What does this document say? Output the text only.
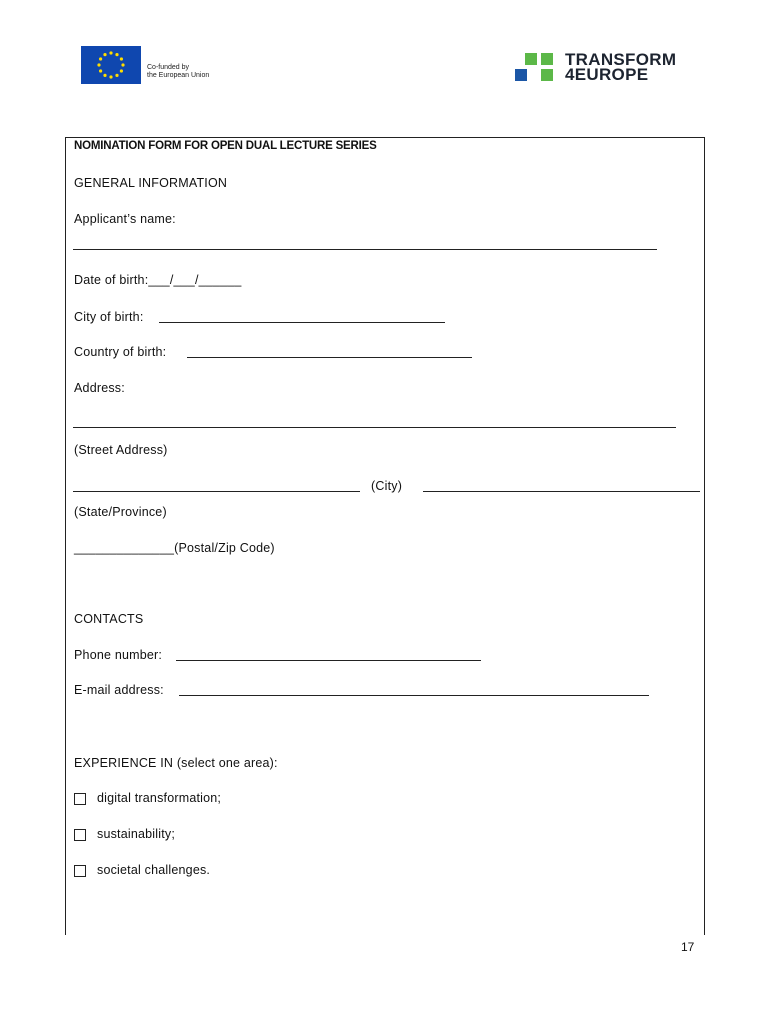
Co-funded by
the European Union
TRANSFORM
4EUROPE
NOMINATION FORM FOR OPEN DUAL LECTURE SERIES
GENERAL INFORMATION
Applicant’s name:
Date of birth:___/___/______
City of birth:
Country of birth:
Address:
(Street Address)
(City)
(State/Province)
______________(Postal/Zip Code)
CONTACTS
Phone number:
E-mail address:
EXPERIENCE IN (select one area):
digital transformation;
sustainability;
societal challenges.
17
